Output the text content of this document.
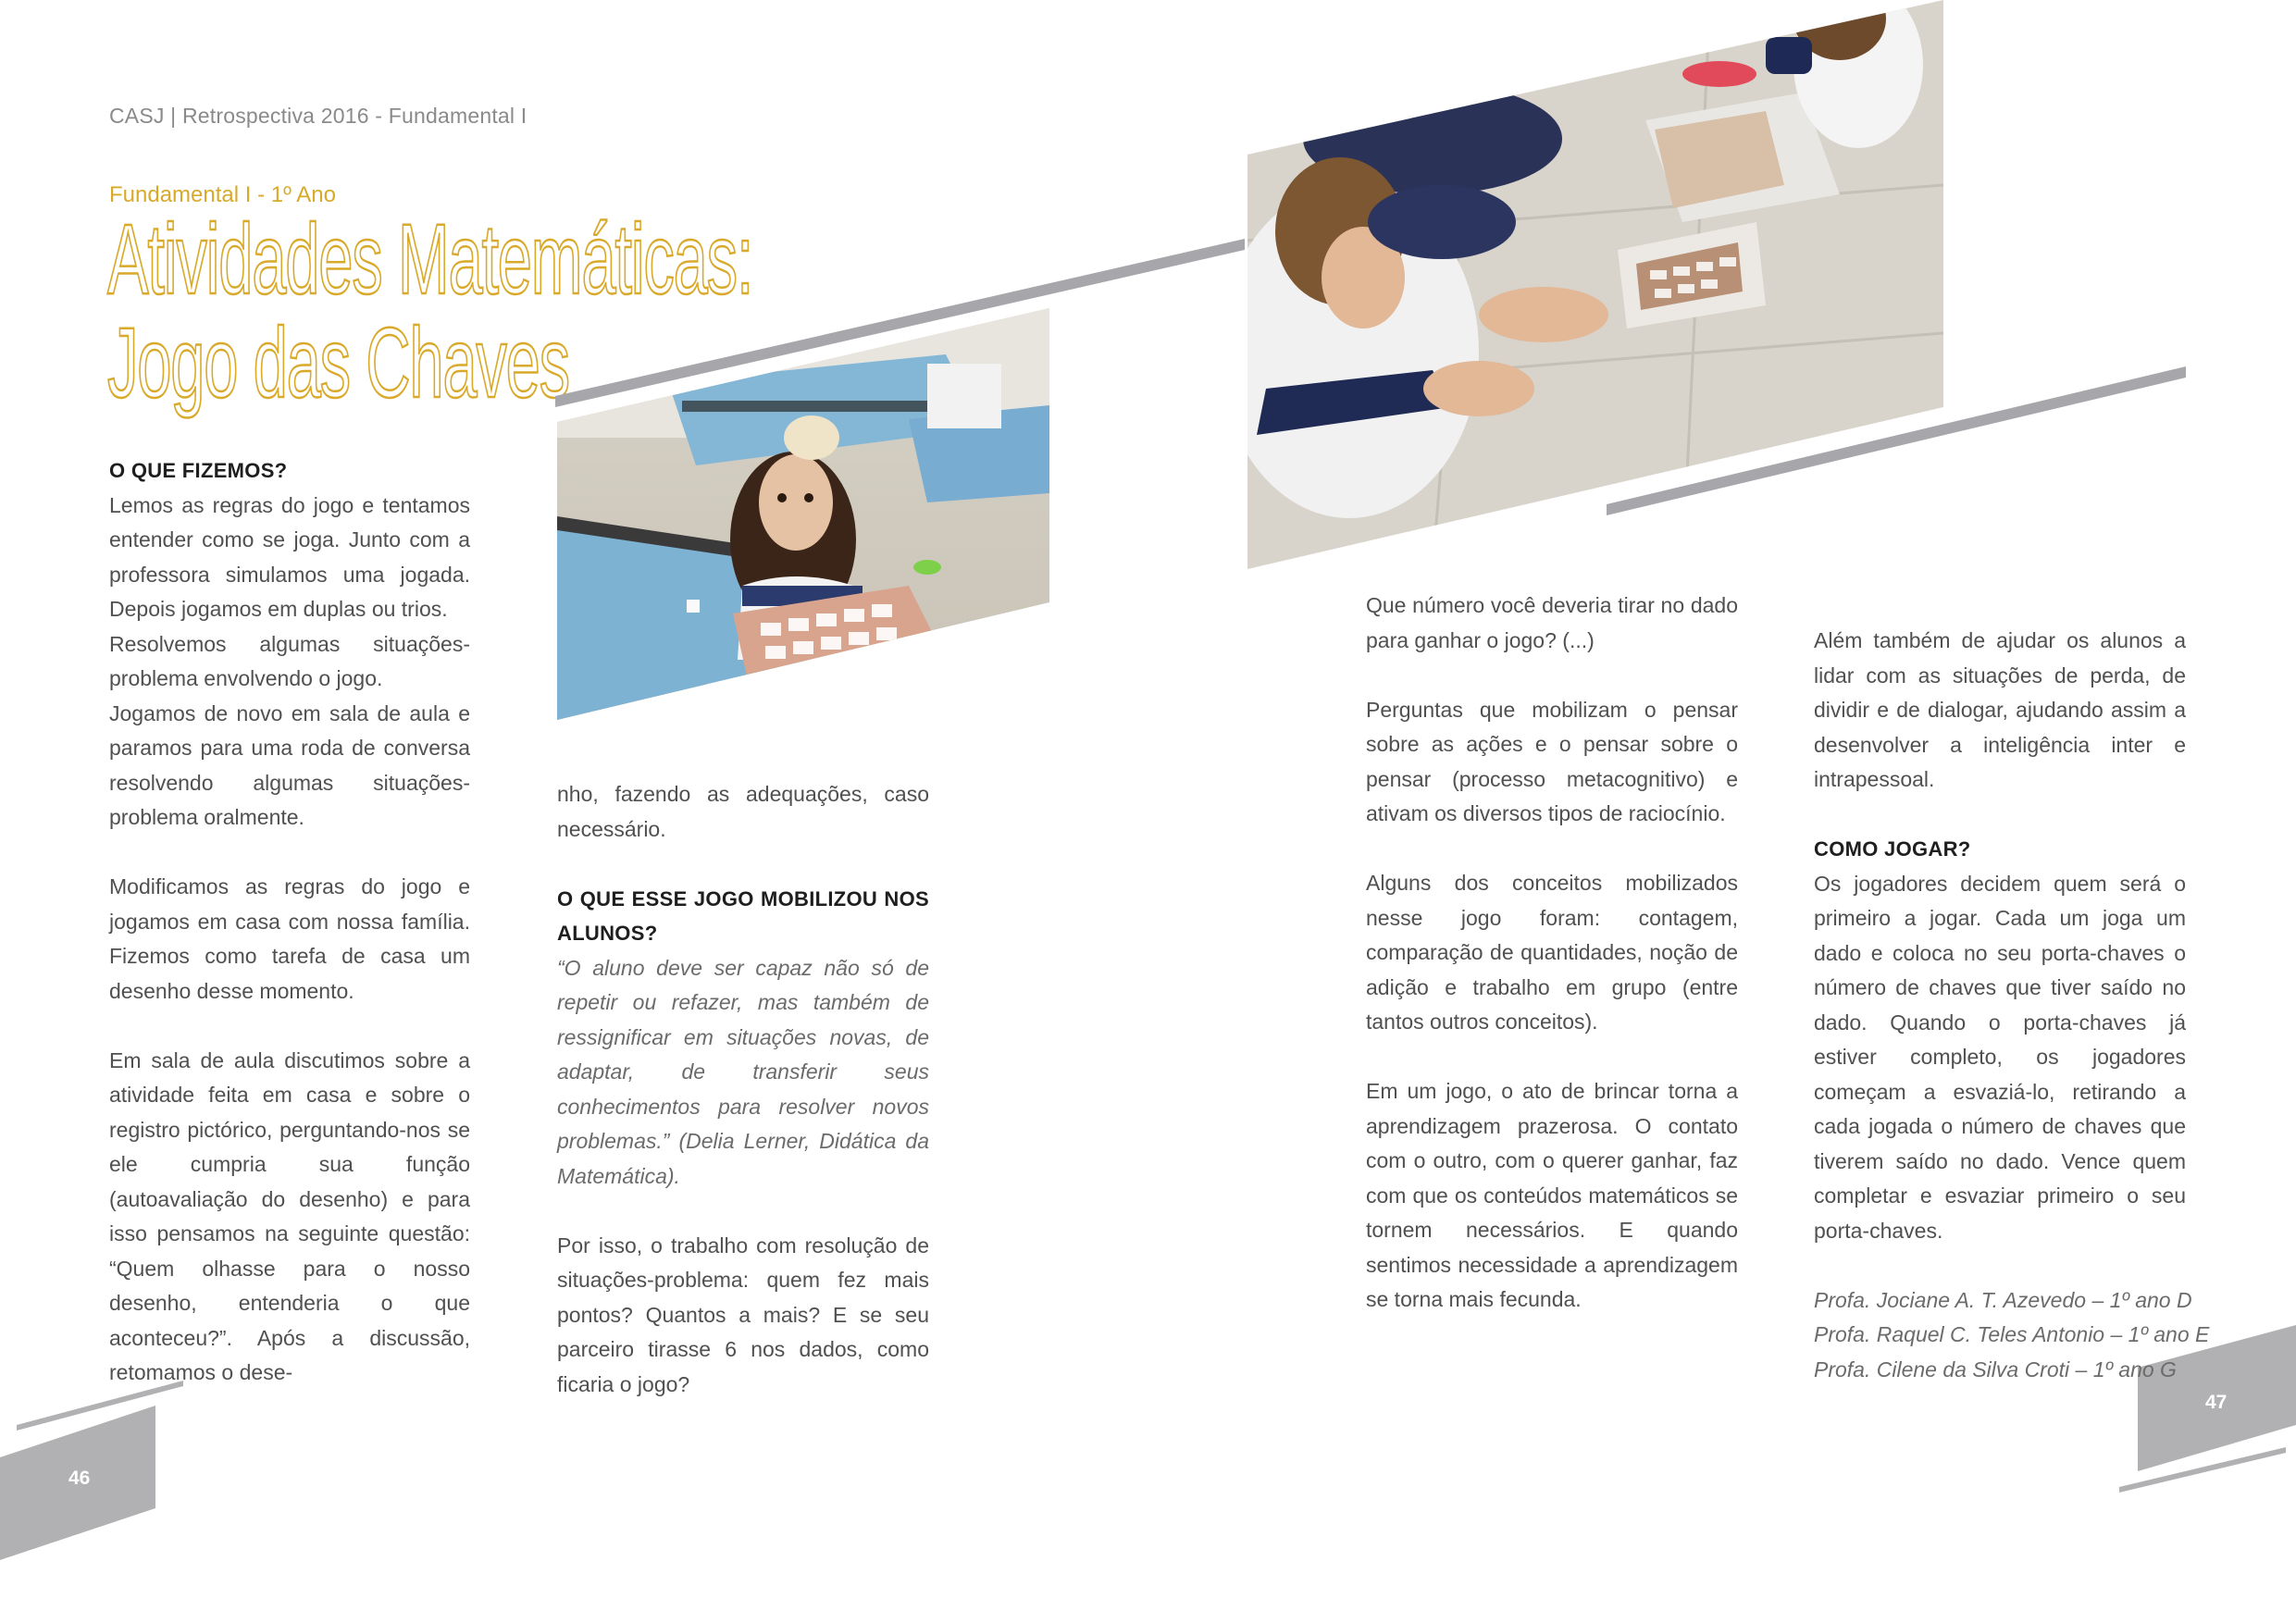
CASJ | Retrospectiva 2016 - Fundamental I
Fundamental I - 1º Ano
Atividades Matemáticas:
Jogo das Chaves
O QUE FIZEMOS?

Lemos as regras do jogo e tentamos entender como se joga. Junto com a professora simulamos uma jogada. Depois jogamos em duplas ou trios.

Resolvemos algumas situações-problema envolvendo o jogo.

Jogamos de novo em sala de aula e paramos para uma roda de conversa resolvendo algumas situações-problema oralmente.

Modificamos as regras do jogo e jogamos em casa com nossa família. Fizemos como tarefa de casa um desenho desse momento.

Em sala de aula discutimos sobre a atividade feita em casa e sobre o registro pictórico, perguntando-nos se ele cumpria sua função (autoavaliação do desenho) e para isso pensamos na seguinte questão: “Quem olhasse para o nosso desenho, entenderia o que aconteceu?”. Após a discussão, retomamos o dese-

nho, fazendo as adequações, caso necessário.

O QUE ESSE JOGO MOBILIZOU NOS ALUNOS?

“O aluno deve ser capaz não só de repetir ou refazer, mas também de ressignificar em situações novas, de adaptar, de transferir seus conhecimentos para resolver novos problemas.” (Delia Lerner, Didática da Matemática).

Por isso, o trabalho com resolução de situações-problema: quem fez mais pontos? Quantos a mais? E se seu parceiro tirasse 6 nos dados, como ficaria o jogo?

Que número você deveria tirar no dado para ganhar o jogo? (...)

Perguntas que mobilizam o pensar sobre as ações e o pensar sobre o pensar (processo metacognitivo) e ativam os diversos tipos de raciocínio.

Alguns dos conceitos mobilizados nesse jogo foram: contagem, comparação de quantidades, noção de adição e trabalho em grupo (entre tantos outros conceitos).

Em um jogo, o ato de brincar torna a aprendizagem prazerosa. O contato com o outro, com o querer ganhar, faz com que os conteúdos matemáticos se tornem necessários. E quando sentimos necessidade a aprendizagem se torna mais fecunda.

Além também de ajudar os alunos a lidar com as situações de perda, de dividir e de dialogar, ajudando assim a desenvolver a inteligência inter e intrapessoal.

COMO JOGAR?

Os jogadores decidem quem será o primeiro a jogar. Cada um joga um dado e coloca no seu porta-chaves o número de chaves que tiver saído no dado. Quando o porta-chaves já estiver completo, os jogadores começam a esvaziá-lo, retirando a cada jogada o número de chaves que tiverem saído no dado. Vence quem completar e esvaziar primeiro o seu porta-chaves.

Profa. Jociane A. T. Azevedo – 1º ano D

Profa. Raquel C. Teles Antonio – 1º ano E

Profa. Cilene da Silva Croti – 1º ano G

46
47
